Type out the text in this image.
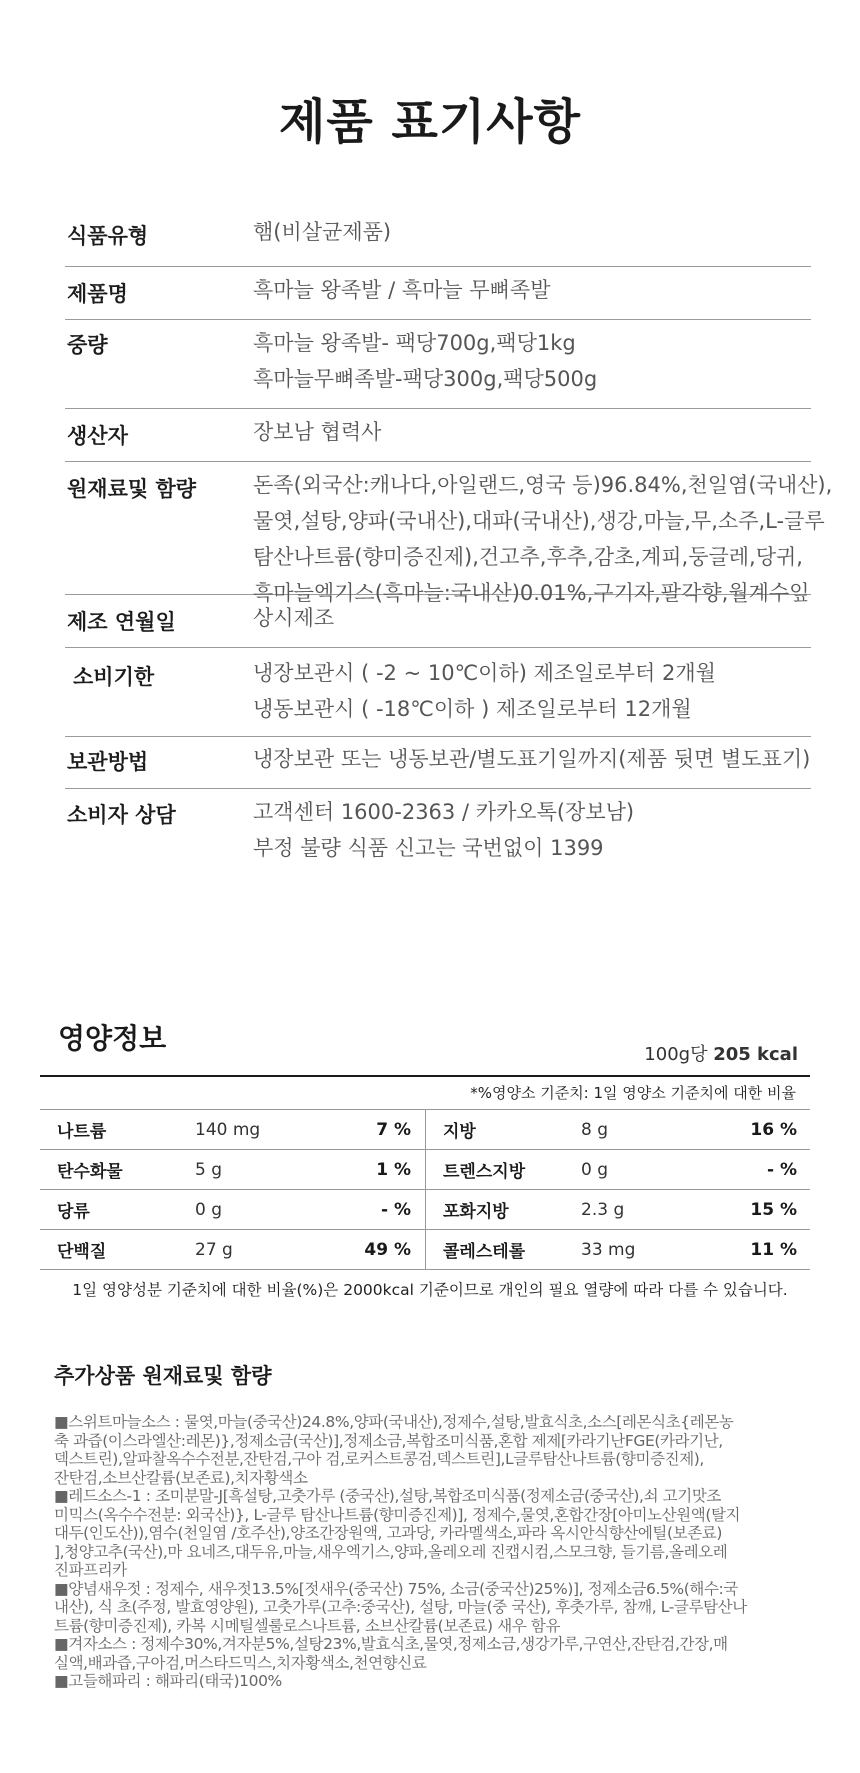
제품 표기사항
식품유형	햄(비살균제품)
제품명	흑마늘 왕족발 / 흑마늘 무뼈족발
중량	흑마늘 왕족발- 팩당700g,팩당1kg
흑마늘무뼈족발-팩당300g,팩당500g
생산자	장보남 협력사
원재료및 함량	돈족(외국산:캐나다,아일랜드,영국 등)96.84%,천일염(국내산),
물엿,설탕,양파(국내산),대파(국내산),생강,마늘,무,소주,L-글루
탐산나트륨(향미증진제),건고추,후추,감초,계피,둥글레,당귀,
흑마늘엑기스(흑마늘:국내산)0.01%,구기자,팔각향,월계수잎
제조 연월일	상시제조
소비기한	냉장보관시 ( -2 ~ 10℃이하) 제조일로부터 2개월
냉동보관시 ( -18℃이하 ) 제조일로부터 12개월
보관방법	냉장보관 또는 냉동보관/별도표기일까지(제품 뒷면 별도표기)
소비자 상담	고객센터 1600-2363 / 카카오톡(장보남)
부정 불량 식품 신고는 국번없이 1399
영양정보	100g당 205 kcal
*%영양소 기준치: 1일 영양소 기준치에 대한 비율
나트륨	140 mg	7 %	지방	8 g	16 %
탄수화물	5 g	1 %	트렌스지방	0 g	- %
당류	0 g	- %	포화지방	2.3 g	15 %
단백질	27 g	49 %	콜레스테롤	33 mg	11 %
1일 영양성분 기준치에 대한 비율(%)은 2000kcal 기준이므로 개인의 필요 열량에 따라 다를 수 있습니다.
추가상품 원재료및 함량
■스위트마늘소스 : 물엿,마늘(중국산)24.8%,양파(국내산),정제수,설탕,발효식초,소스[레몬식초{레몬농
축 과즙(이스라엘산:레몬)},정제소금(국산)],정제소금,복합조미식품,혼합 제제[카라기난FGE(카라기난,
덱스트린),알파찰옥수수전분,잔탄검,구아 검,로커스트콩검,덱스트린],L글루탐산나트륨(향미증진제),
잔탄검,소브산칼륨(보존료),치자황색소
■레드소스-1 : 조미분말-J[흑설탕,고춧가루 (중국산),설탕,복합조미식품(정제소금(중국산),쇠 고기맛조
미믹스(옥수수전분: 외국산)}, L-글루 탐산나트륨(향미증진제)], 정제수,물엿,혼합간장[아미노산원액(탈지
대두(인도산)),염수(천일염 /호주산),양조간장원액, 고과당, 카라멜색소,파라 옥시안식향산에틸(보존료)
],청양고추(국산),마 요네즈,대두유,마늘,새우엑기스,양파,올레오레 진캡시컴,스모크향, 들기름,올레오레
진파프리카
■양념새우젓 : 정제수, 새우젓13.5%[젓새우(중국산) 75%, 소금(중국산)25%)], 정제소금6.5%(해수:국
내산), 식 초(주정, 발효영양원), 고춧가루(고추:중국산), 설탕, 마늘(중 국산), 후춧가루, 참깨, L-글루탐산나
트륨(향미증진제), 카복 시메틸셀룰로스나트륨, 소브산칼륨(보존료) 새우 함유
■겨자소스 : 정제수30%,겨자분5%,설탕23%,발효식초,물엿,정제소금,생강가루,구연산,잔탄검,간장,매
실액,배과즙,구아검,머스타드믹스,치자황색소,천연향신료
■고들해파리 : 해파리(태국)100%
